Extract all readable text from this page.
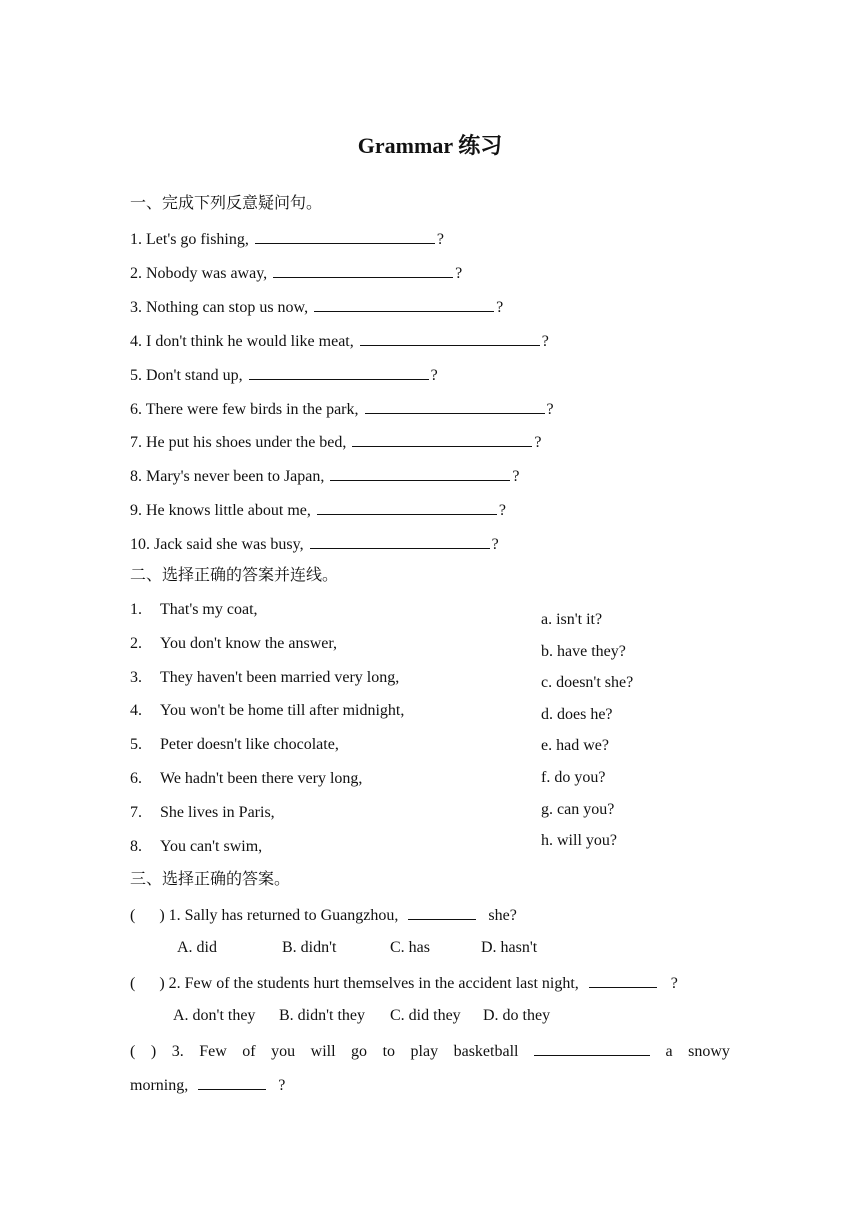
Grammar 练习
一、完成下列反意疑问句。
1. Let's go fishing,	?
2. Nobody was away,	?
3. Nothing can stop us now,	?
4. I don't think he would like meat,	?
5. Don't stand up,	?
6. There were few birds in the park,	?
7. He put his shoes under the bed,	?
8. Mary's never been to Japan,	?
9. He knows little about me,	?
10. Jack said she was busy,	?
二、选择正确的答案并连线。
1. That's my coat,
2. You don't know the answer,
3. They haven't been married very long,
4. You won't be home till after midnight,
5. Peter doesn't like chocolate,
6. We hadn't been there very long,
7. She lives in Paris,
8. You can't swim,
a. isn't it?
b. have they?
c. doesn't she?
d. does he?
e. had we?
f. do you?
g. can you?
h. will you?
三、选择正确的答案。
( ) 1. Sally has returned to Guangzhou,	she?
A. did	B. didn't	C. has	D. hasn't
( ) 2. Few of the students hurt themselves in the accident last night,	?
A. don't they B. didn't they C. did they D. do they
( ) 3. Few of you will go to play basketball	a snowy
morning,	?
